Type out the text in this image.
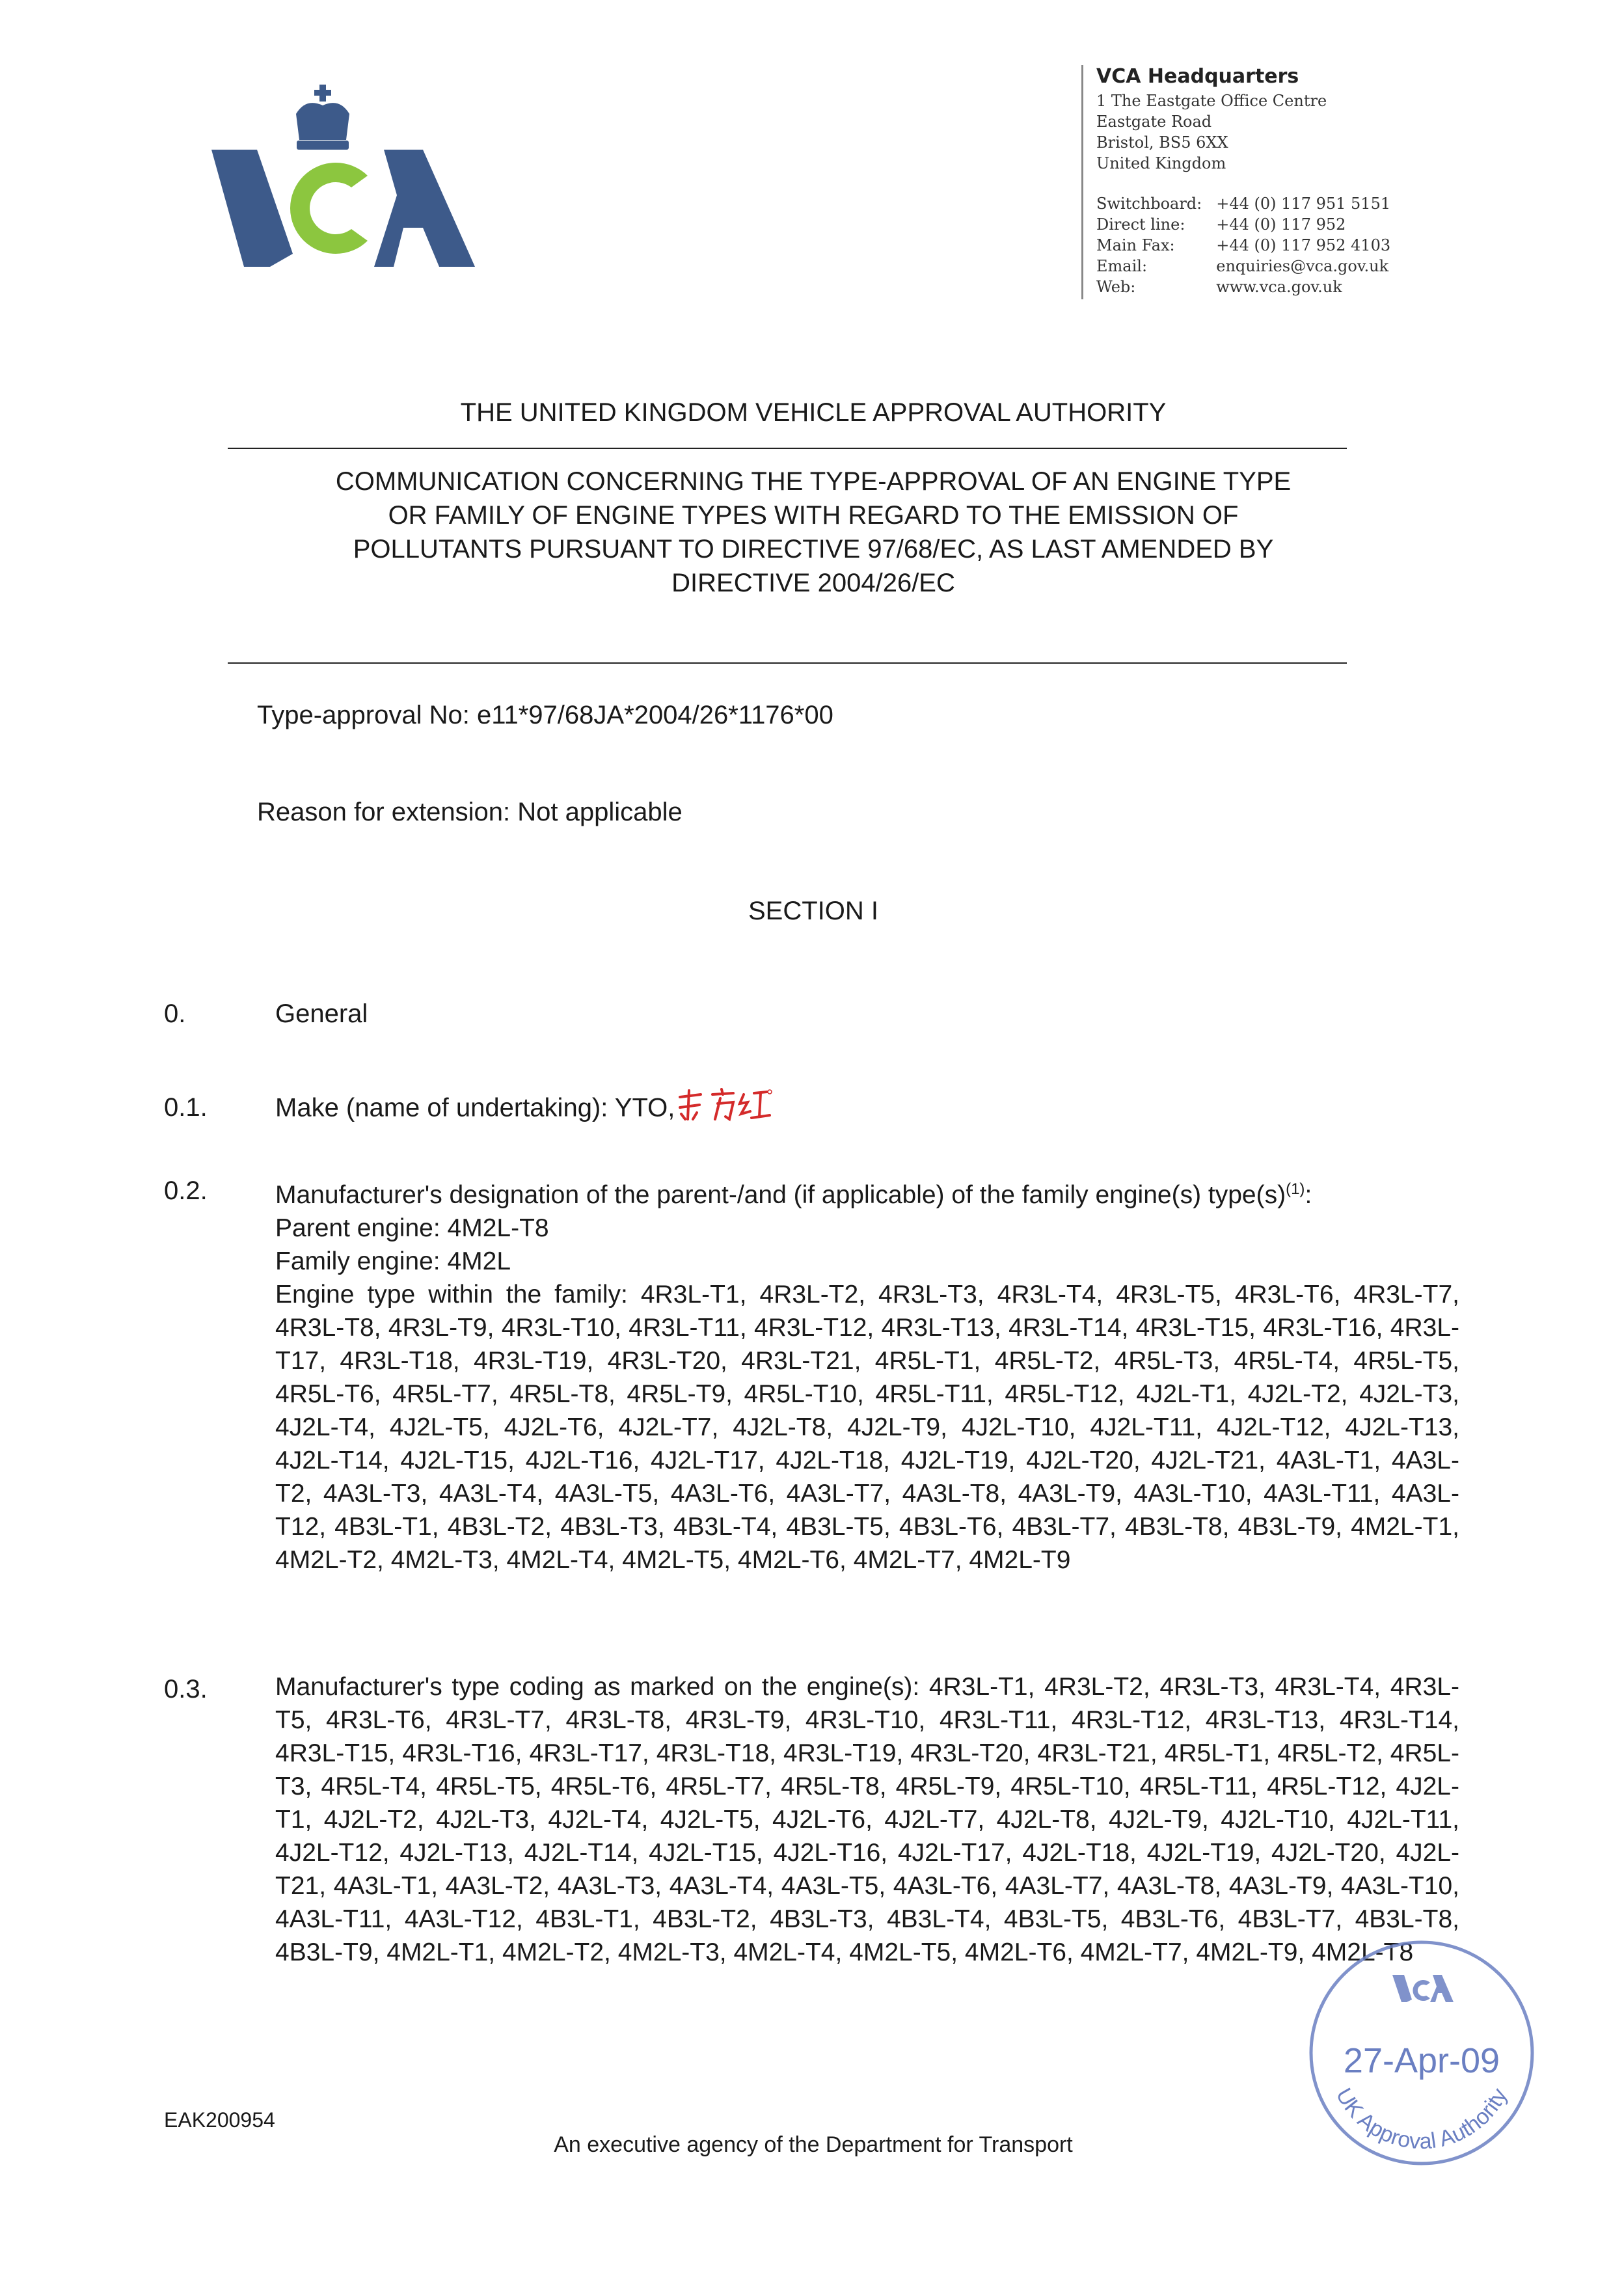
VCA Headquarters

1 The Eastgate Office Centre

Eastgate Road

Bristol, BS5 6XX

United Kingdom

Switchboard:	+44 (0) 117 951 5151
Direct line:	+44 (0) 117 952
Main Fax:	+44 (0) 117 952 4103
Email:	enquiries@vca.gov.uk
Web:	www.vca.gov.uk
THE UNITED KINGDOM VEHICLE APPROVAL AUTHORITY
COMMUNICATION CONCERNING THE TYPE-APPROVAL OF AN ENGINE TYPE
OR FAMILY OF ENGINE TYPES WITH REGARD TO THE EMISSION OF
POLLUTANTS PURSUANT TO DIRECTIVE 97/68/EC, AS LAST AMENDED BY
DIRECTIVE 2004/26/EC
Type-approval No: e11*97/68JA*2004/26*1176*00
Reason for extension: Not applicable
SECTION I
0.	General
0.1.	Make (name of undertaking): YTO,
0.2.	Manufacturer's designation of the parent-/and (if applicable) of the family engine(s) $type(s)^{(1)}$:
Parent engine: 4M2L-T8
Family engine: 4M2L
Engine type within the family: 4R3L-T1, 4R3L-T2, 4R3L-T3, 4R3L-T4, 4R3L-T5, 4R3L-T6, 4R3L-T7, 4R3L-T8, 4R3L-T9, 4R3L-T10, 4R3L-T11, 4R3L-T12, 4R3L-T13, 4R3L-T14, 4R3L-T15, 4R3L-T16, 4R3L-T17, 4R3L-T18, 4R3L-T19, 4R3L-T20, 4R3L-T21, 4R5L-T1, 4R5L-T2, 4R5L-T3, 4R5L-T4, 4R5L-T5, 4R5L-T6, 4R5L-T7, 4R5L-T8, 4R5L-T9, 4R5L-T10, 4R5L-T11, 4R5L-T12, 4J2L-T1, 4J2L-T2, 4J2L-T3, 4J2L-T4, 4J2L-T5, 4J2L-T6, 4J2L-T7, 4J2L-T8, 4J2L-T9, 4J2L-T10, 4J2L-T11, 4J2L-T12, 4J2L-T13, 4J2L-T14, 4J2L-T15, 4J2L-T16, 4J2L-T17, 4J2L-T18, 4J2L-T19, 4J2L-T20, 4J2L-T21, 4A3L-T1, 4A3L-T2, 4A3L-T3, 4A3L-T4, 4A3L-T5, 4A3L-T6, 4A3L-T7, 4A3L-T8, 4A3L-T9, 4A3L-T10, 4A3L-T11, 4A3L-T12, 4B3L-T1, 4B3L-T2, 4B3L-T3, 4B3L-T4, 4B3L-T5, 4B3L-T6, 4B3L-T7, 4B3L-T8, 4B3L-T9, 4M2L-T1, 4M2L-T2, 4M2L-T3, 4M2L-T4, 4M2L-T5, 4M2L-T6, 4M2L-T7, 4M2L-T9
0.3.	Manufacturer's type coding as marked on the engine(s): 4R3L-T1, 4R3L-T2, 4R3L-T3, 4R3L-T4, 4R3L-T5, 4R3L-T6, 4R3L-T7, 4R3L-T8, 4R3L-T9, 4R3L-T10, 4R3L-T11, 4R3L-T12, 4R3L-T13, 4R3L-T14, 4R3L-T15, 4R3L-T16, 4R3L-T17, 4R3L-T18, 4R3L-T19, 4R3L-T20, 4R3L-T21, 4R5L-T1, 4R5L-T2, 4R5L-T3, 4R5L-T4, 4R5L-T5, 4R5L-T6, 4R5L-T7, 4R5L-T8, 4R5L-T9, 4R5L-T10, 4R5L-T11, 4R5L-T12, 4J2L-T1, 4J2L-T2, 4J2L-T3, 4J2L-T4, 4J2L-T5, 4J2L-T6, 4J2L-T7, 4J2L-T8, 4J2L-T9, 4J2L-T10, 4J2L-T11, 4J2L-T12, 4J2L-T13, 4J2L-T14, 4J2L-T15, 4J2L-T16, 4J2L-T17, 4J2L-T18, 4J2L-T19, 4J2L-T20, 4J2L-T21, 4A3L-T1, 4A3L-T2, 4A3L-T3, 4A3L-T4, 4A3L-T5, 4A3L-T6, 4A3L-T7, 4A3L-T8, 4A3L-T9, 4A3L-T10, 4A3L-T11, 4A3L-T12, 4B3L-T1, 4B3L-T2, 4B3L-T3, 4B3L-T4, 4B3L-T5, 4B3L-T6, 4B3L-T7, 4B3L-T8, 4B3L-T9, 4M2L-T1, 4M2L-T2, 4M2L-T3, 4M2L-T4, 4M2L-T5, 4M2L-T6, 4M2L-T7, 4M2L-T9, 4M2L-T8
EAK200954
An executive agency of the Department for Transport
27-Apr-09
UK Approval Authority
